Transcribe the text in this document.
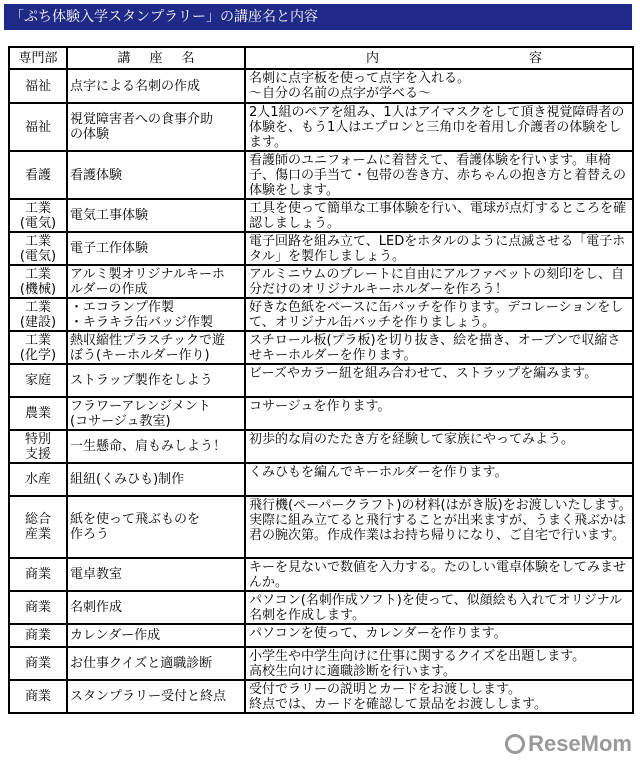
「ぷち体験入学スタンプラリー」の講座名と内容
専門部	講 座 名	内 容

福祉	点字による名刺の作成	名刺に点字板を使って点字を入れる。
〜自分の名前の点字が学べる〜

福祉	視覚障害者への食事介助
の体験	2人1組のペアを組み、1人はアイマスクをして頂き視覚障碍者の体験を、もう1人はエプロンと三角巾を着用し介護者の体験をします。

看護	看護体験	看護師のユニフォームに着替えて、看護体験を行います。車椅子、傷口の手当て・包帯の巻き方、赤ちゃんの抱き方と着替えの体験をします。

工業
(電気)	電気工事体験	工具を使って簡単な工事体験を行い、電球が点灯するところを確認しましょう。

工業
(電気)	電子工作体験	電子回路を組み立て、LEDをホタルのように点滅させる「電子ホタル」を製作しましょう。

工業
(機械)	アルミ製オリジナルキーホ
ルダーの作成	アルミニウムのプレートに自由にアルファベットの刻印をし、自分だけのオリジナルキーホルダーを作ろう！

工業
(建設)	・エコランプ作製
・キラキラ缶バッジ作製	好きな色紙をベースに缶バッチを作ります。デコレーションをして、オリジナル缶バッチを作りましょう。

工業
(化学)	熱収縮性プラスチックで遊
ぼう(キーホルダー作り)	スチロール板(プラ板)を切り抜き、絵を描き、オーブンで収縮させキーホルダーを作ります。

家庭	ストラップ製作をしよう	ビーズやカラー紐を組み合わせて、ストラップを編みます。

農業	フラワーアレンジメント
(コサージュ教室)	コサージュを作ります。

特別
支援	一生懸命、肩もみしよう！	初歩的な肩のたたき方を経験して家族にやってみよう。

水産	組紐(くみひも)制作	くみひもを編んでキーホルダーを作ります。

総合
産業	紙を使って飛ぶものを
作ろう	飛行機(ペーパークラフト)の材料(はがき版)をお渡しいたします。実際に組み立てると飛行することが出来ますが、うまく飛ぶかは君の腕次第。作成作業はお持ち帰りになり、ご自宅で行います。

商業	電卓教室	キーを見ないで数値を入力する。たのしい電卓体験をしてみませんか。

商業	名刺作成	パソコン(名刺作成ソフト)を使って、似顔絵も入れてオリジナル名刺を作成します。

商業	カレンダー作成	パソコンを使って、カレンダーを作ります。

商業	お仕事クイズと適職診断	小学生や中学生向けに仕事に関するクイズを出題します。
高校生向けに適職診断を行います。

商業	スタンプラリー受付と終点	受付でラリーの説明とカードをお渡しします。
終点では、カードを確認して景品をお渡しします。
ReseMom
